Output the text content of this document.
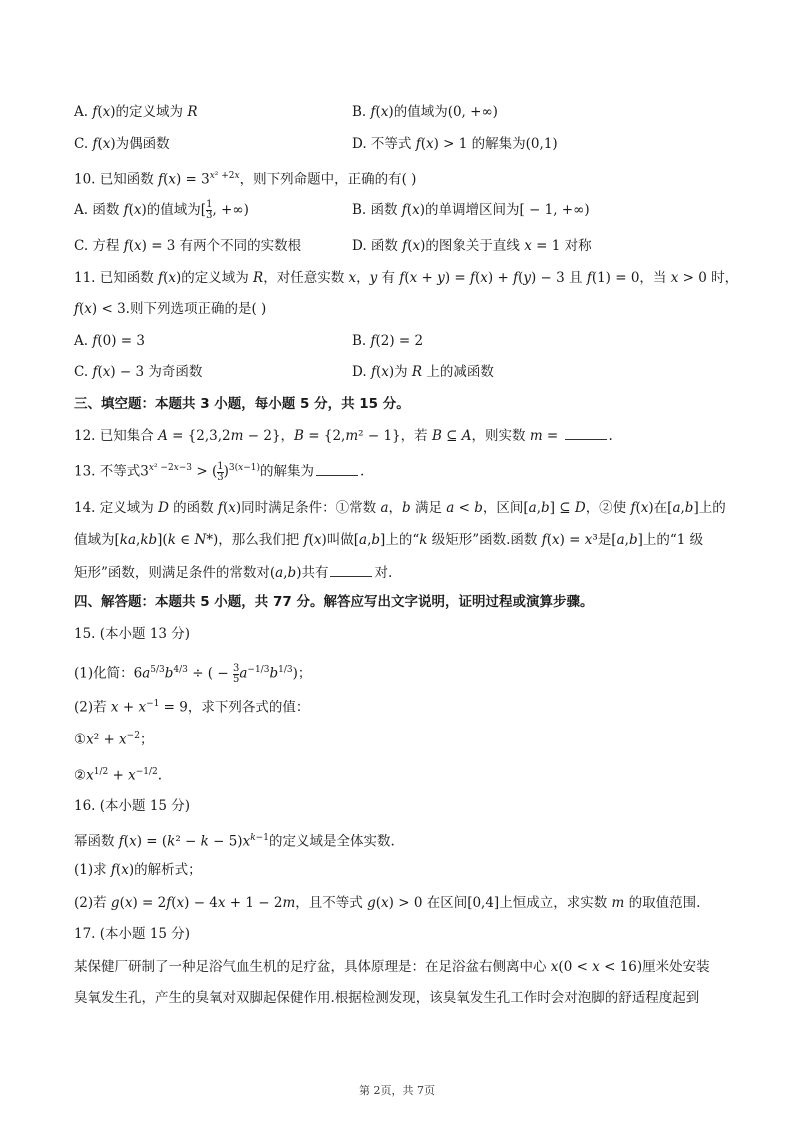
A. f(x)的定义域为 R	B. f(x)的值域为(0, +∞)
C. f(x)为偶函数	D. 不等式 f(x) > 1 的解集为(0,1)
10. 已知函数 $f(x) = 3^{x^2 +2x}$，则下列命题中，正确的有( )
A. 函数 f(x)的值域为[ $\frac{1}{3}$ , +∞)	B. 函数 f(x)的单调增区间为[ − 1, +∞)
C. 方程 f(x) = 3 有两个不同的实数根	D. 函数 f(x)的图象关于直线 x = 1 对称
11. 已知函数 f(x)的定义域为 R，对任意实数 x，y 有 f(x + y) = f(x) + f(y) − 3 且 f(1) = 0，当 x > 0 时，
f(x) < 3.则下列选项正确的是( )
A. f(0) = 3	B. f(2) = 2
C. f(x) − 3 为奇函数	D. f(x)为 R 上的减函数
三、填空题：本题共 3 小题，每小题 5 分，共 15 分。
12. 已知集合 A = {2,3,2m − 2}，B = {2,m² − 1}，若 B ⊆ A，则实数 m =	.
13. 不等式$3^{x^2 -2x-3}$ > ( $\frac{1}{3} )^{3(x-1)}$的解集为	.
14. 定义域为 D 的函数 f(x)同时满足条件：①常数 a，b 满足 a < b，区间[a,b] ⊆ D，②使 f(x)在[a,b]上的
值域为[ka,kb](k ∈ N*)，那么我们把 f(x)叫做[a,b]上的“k 级矩形”函数.函数 f(x) = x³是[a,b]上的“1 级
矩形”函数，则满足条件的常数对(a,b)共有	对.
四、解答题：本题共 5 小题，共 77 分。解答应写出文字说明，证明过程或演算步骤。
15. (本小题 13 分)
(1)化简：$6a^{5/3}b^{4/3}$ ÷ ( − $\frac{3}{5} a^{-1/3}b^{1/3}$)；
(2)若 $x + x^{-1} = 9$，求下列各式的值：
①x² + $x^{-2}$；
$②x^{1/2} + x^{-1/2}$.
16. (本小题 15 分)
幂函数 $f(x) = (k^2 - k - 5)x^{k-1}$的定义域是全体实数.
(1)求 f(x)的解析式；
(2)若 g(x) = 2f(x) − 4x + 1 − 2m，且不等式 g(x) > 0 在区间[0,4]上恒成立，求实数 m 的取值范围.
17. (本小题 15 分)
某保健厂研制了一种足浴气血生机的足疗盆，具体原理是：在足浴盆右侧离中心 x(0 < x < 16)厘米处安装
臭氧发生孔，产生的臭氧对双脚起保健作用.根据检测发现，该臭氧发生孔工作时会对泡脚的舒适程度起到
第 2页，共 7页
